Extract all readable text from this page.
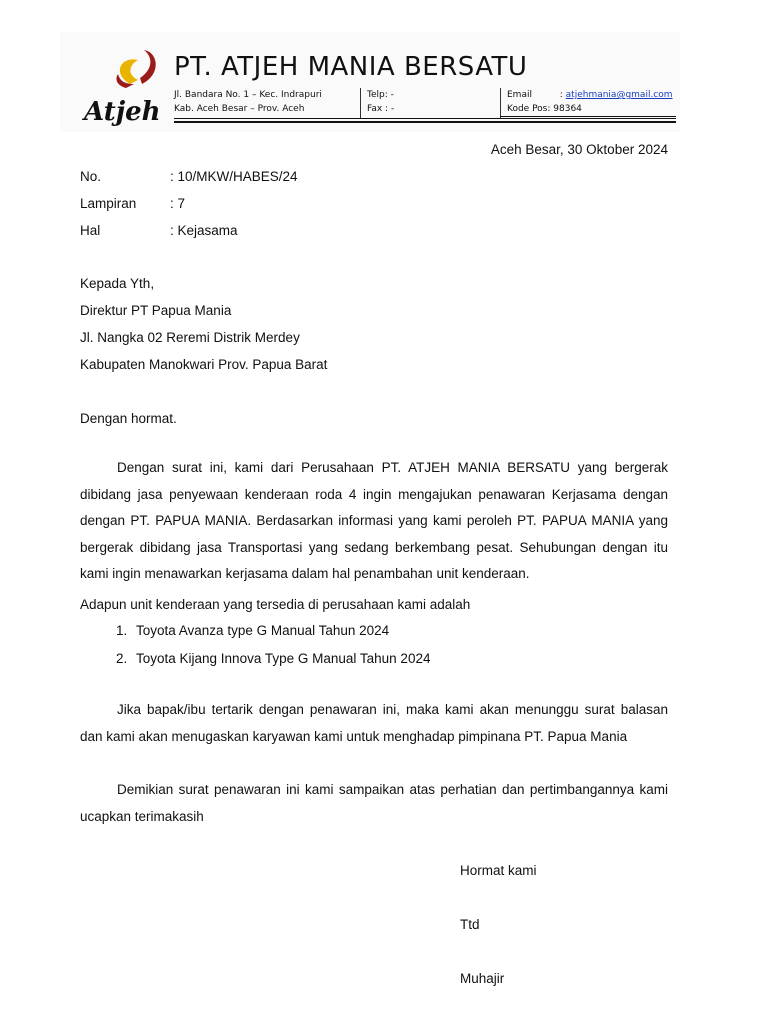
Atjeh
PT. ATJEH MANIA BERSATU
Jl. Bandara No. 1 – Kec. Indrapuri
Kab. Aceh Besar – Prov. Aceh
Telp: -
Fax : -
Email	: atjehmania@gmail.com
Kode Pos: 98364
Aceh Besar, 30 Oktober 2024
No.	: 10/MKW/HABES/24
Lampiran : 7
Hal	: Kejasama
Kepada Yth,
Direktur PT Papua Mania
Jl. Nangka 02 Reremi Distrik Merdey
Kabupaten Manokwari Prov. Papua Barat
Dengan hormat.
Dengan surat ini, kami dari Perusahaan PT. ATJEH MANIA BERSATU yang bergerak dibidang jasa penyewaan kenderaan roda 4 ingin mengajukan penawaran Kerjasama dengan dengan PT. PAPUA MANIA. Berdasarkan informasi yang kami peroleh PT. PAPUA MANIA yang bergerak dibidang jasa Transportasi yang sedang berkembang pesat. Sehubungan dengan itu kami ingin menawarkan kerjasama dalam hal penambahan unit kenderaan.
Adapun unit kenderaan yang tersedia di perusahaan kami adalah
1. Toyota Avanza type G Manual Tahun 2024
2. Toyota Kijang Innova Type G Manual Tahun 2024
Jika bapak/ibu tertarik dengan penawaran ini, maka kami akan menunggu surat balasan dan kami akan menugaskan karyawan kami untuk menghadap pimpinana PT. Papua Mania
Demikian surat penawaran ini kami sampaikan atas perhatian dan pertimbangannya kami ucapkan terimakasih
Hormat kami
Ttd
Muhajir
